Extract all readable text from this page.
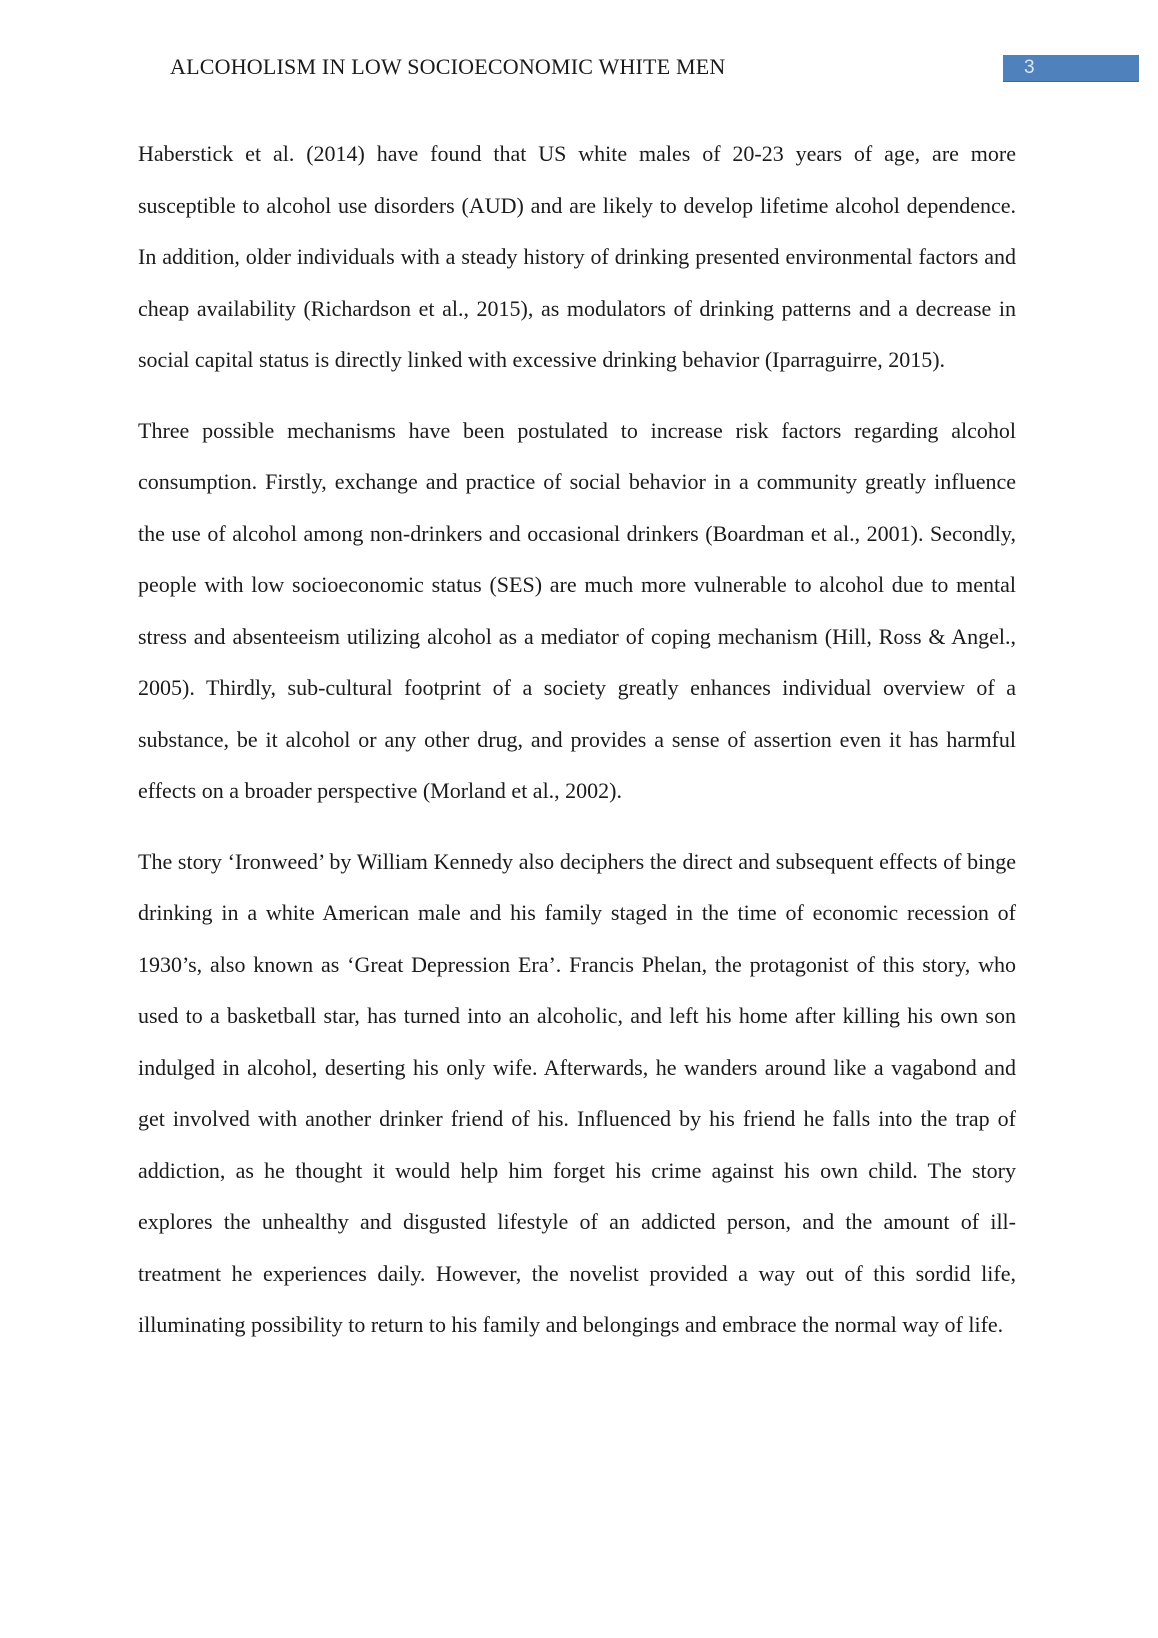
ALCOHOLISM IN LOW SOCIOECONOMIC WHITE MEN	3

Haberstick et al. (2014) have found that US white males of 20-23 years of age, are more susceptible to alcohol use disorders (AUD) and are likely to develop lifetime alcohol dependence. In addition, older individuals with a steady history of drinking presented environmental factors and cheap availability (Richardson et al., 2015), as modulators of drinking patterns and a decrease in social capital status is directly linked with excessive drinking behavior (Iparraguirre, 2015).

Three possible mechanisms have been postulated to increase risk factors regarding alcohol consumption. Firstly, exchange and practice of social behavior in a community greatly influence the use of alcohol among non-drinkers and occasional drinkers (Boardman et al., 2001). Secondly, people with low socioeconomic status (SES) are much more vulnerable to alcohol due to mental stress and absenteeism utilizing alcohol as a mediator of coping mechanism (Hill, Ross & Angel., 2005). Thirdly, sub-cultural footprint of a society greatly enhances individual overview of a substance, be it alcohol or any other drug, and provides a sense of assertion even it has harmful effects on a broader perspective (Morland et al., 2002).

The story ‘Ironweed’ by William Kennedy also deciphers the direct and subsequent effects of binge drinking in a white American male and his family staged in the time of economic recession of 1930’s, also known as ‘Great Depression Era’. Francis Phelan, the protagonist of this story, who used to a basketball star, has turned into an alcoholic, and left his home after killing his own son indulged in alcohol, deserting his only wife. Afterwards, he wanders around like a vagabond and get involved with another drinker friend of his. Influenced by his friend he falls into the trap of addiction, as he thought it would help him forget his crime against his own child. The story explores the unhealthy and disgusted lifestyle of an addicted person, and the amount of ill-treatment he experiences daily. However, the novelist provided a way out of this sordid life, illuminating possibility to return to his family and belongings and embrace the normal way of life.
